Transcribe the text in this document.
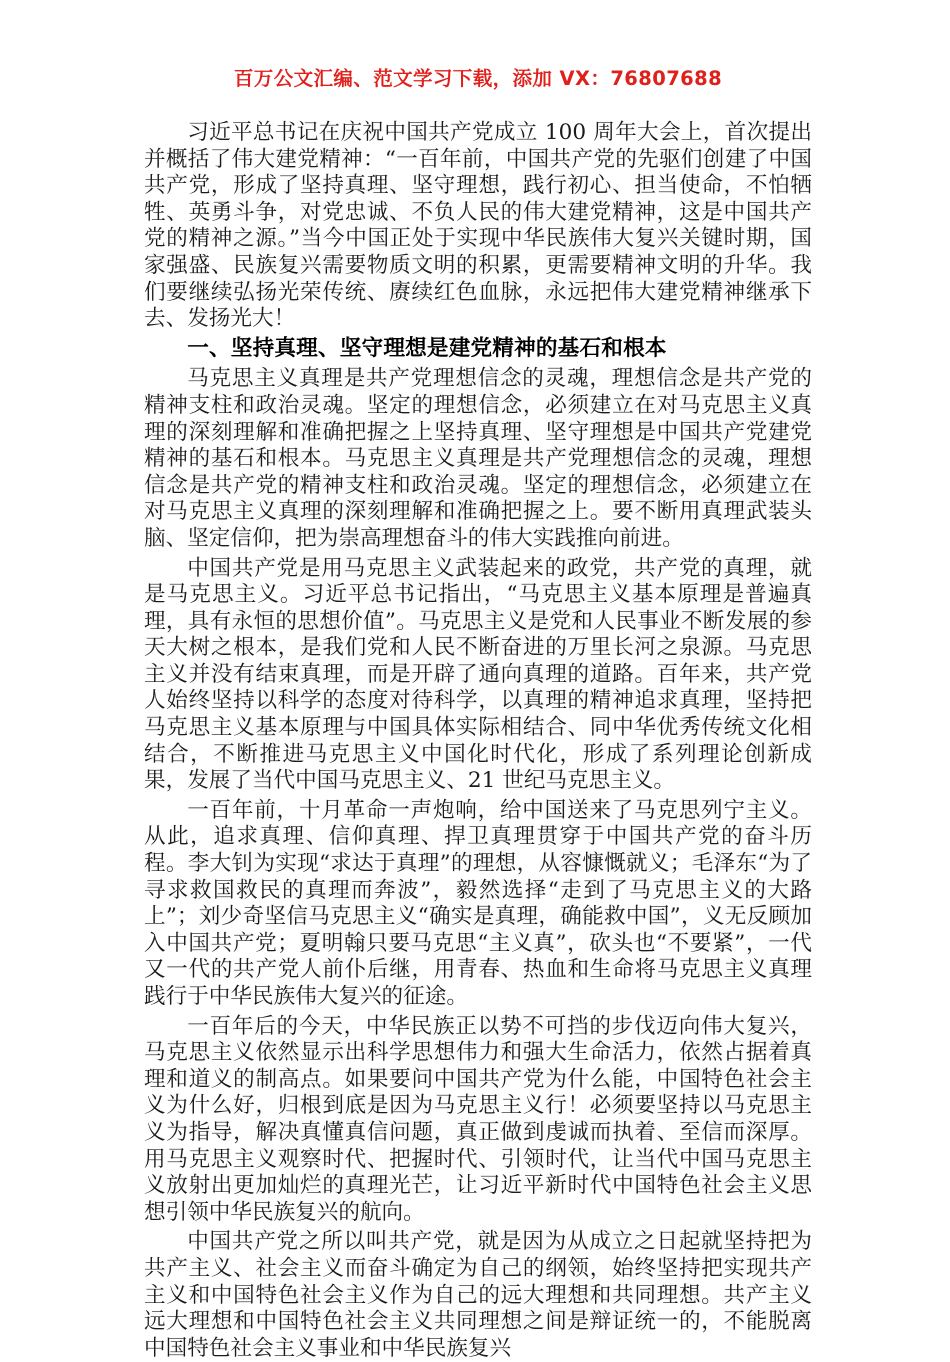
百万公文汇编、范文学习下载，添加 VX：76807688

习近平总书记在庆祝中国共产党成立 100 周年大会上，首次提出并概括了伟大建党精神：“一百年前，中国共产党的先驱们创建了中国共产党，形成了坚持真理、坚守理想，践行初心、担当使命，不怕牺牲、英勇斗争，对党忠诚、不负人民的伟大建党精神，这是中国共产党的精神之源。”当今中国正处于实现中华民族伟大复兴关键时期，国家强盛、民族复兴需要物质文明的积累，更需要精神文明的升华。我们要继续弘扬光荣传统、赓续红色血脉，永远把伟大建党精神继承下去、发扬光大！

一、坚持真理、坚守理想是建党精神的基石和根本

马克思主义真理是共产党理想信念的灵魂，理想信念是共产党的精神支柱和政治灵魂。坚定的理想信念，必须建立在对马克思主义真理的深刻理解和准确把握之上坚持真理、坚守理想是中国共产党建党精神的基石和根本。马克思主义真理是共产党理想信念的灵魂，理想信念是共产党的精神支柱和政治灵魂。坚定的理想信念，必须建立在对马克思主义真理的深刻理解和准确把握之上。要不断用真理武装头脑、坚定信仰，把为崇高理想奋斗的伟大实践推向前进。

中国共产党是用马克思主义武装起来的政党，共产党的真理，就是马克思主义。习近平总书记指出，“马克思主义基本原理是普遍真理，具有永恒的思想价值”。马克思主义是党和人民事业不断发展的参天大树之根本，是我们党和人民不断奋进的万里长河之泉源。马克思主义并没有结束真理，而是开辟了通向真理的道路。百年来，共产党人始终坚持以科学的态度对待科学，以真理的精神追求真理，坚持把马克思主义基本原理与中国具体实际相结合、同中华优秀传统文化相结合，不断推进马克思主义中国化时代化，形成了系列理论创新成果，发展了当代中国马克思主义、21 世纪马克思主义。

一百年前，十月革命一声炮响，给中国送来了马克思列宁主义。从此，追求真理、信仰真理、捍卫真理贯穿于中国共产党的奋斗历程。李大钊为实现“求达于真理”的理想，从容慷慨就义；毛泽东“为了寻求救国救民的真理而奔波”，毅然选择“走到了马克思主义的大路上”；刘少奇坚信马克思主义“确实是真理，确能救中国”，义无反顾加入中国共产党；夏明翰只要马克思“主义真”，砍头也“不要紧”，一代又一代的共产党人前仆后继，用青春、热血和生命将马克思主义真理践行于中华民族伟大复兴的征途。

一百年后的今天，中华民族正以势不可挡的步伐迈向伟大复兴，马克思主义依然显示出科学思想伟力和强大生命活力，依然占据着真理和道义的制高点。如果要问中国共产党为什么能，中国特色社会主义为什么好，归根到底是因为马克思主义行！必须要坚持以马克思主义为指导，解决真懂真信问题，真正做到虔诚而执着、至信而深厚。用马克思主义观察时代、把握时代、引领时代，让当代中国马克思主义放射出更加灿烂的真理光芒，让习近平新时代中国特色社会主义思想引领中华民族复兴的航向。

中国共产党之所以叫共产党，就是因为从成立之日起就坚持把为共产主义、社会主义而奋斗确定为自己的纲领，始终坚持把实现共产主义和中国特色社会主义作为自己的远大理想和共同理想。共产主义远大理想和中国特色社会主义共同理想之间是辩证统一的，不能脱离中国特色社会主义事业和中华民族复兴
